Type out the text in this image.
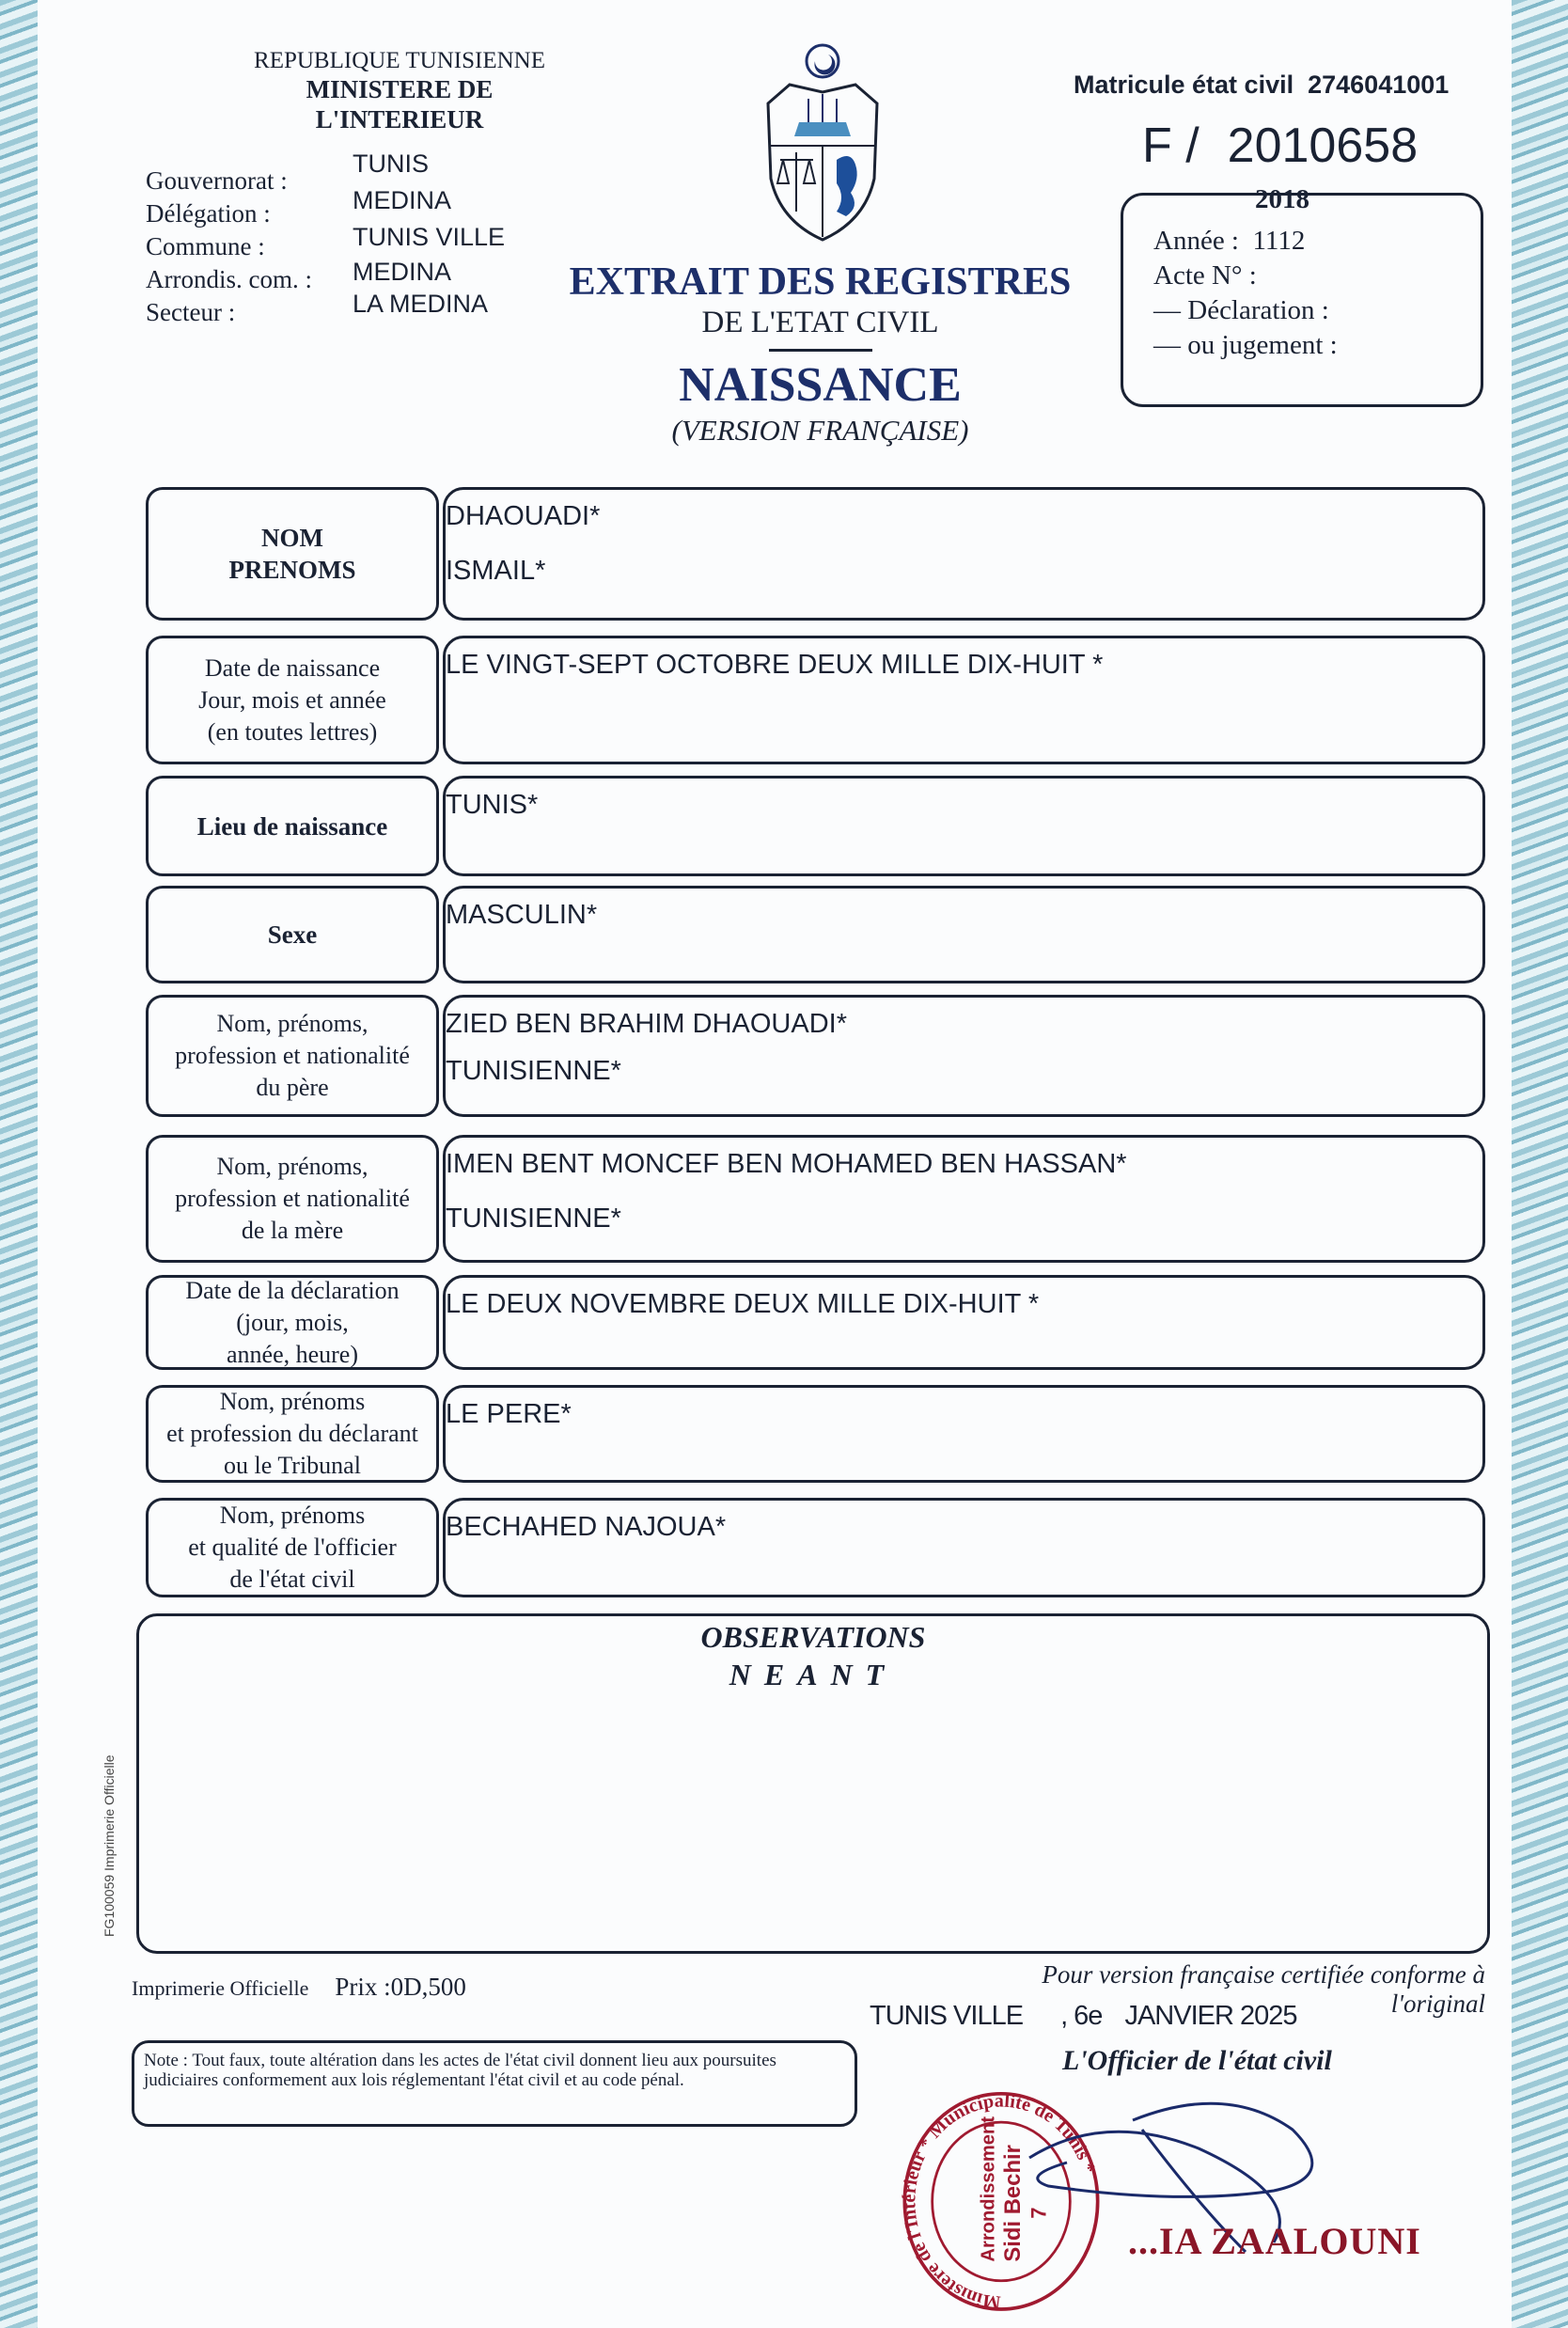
REPUBLIQUE TUNISIENNE
MINISTERE DE L'INTERIEUR
Gouvernorat :
Délégation :
Commune :
Arrondis. com. :
Secteur :
TUNIS
MEDINA
TUNIS VILLE
MEDINA
LA MEDINA	EXTRAIT DES REGISTRES
DE L'ETAT CIVIL
NAISSANCE
(VERSION FRANÇAISE)
Matricule état civil 2746041001
F / 2010658
2018
Année : 1112
Acte N° :
— Déclaration :
— ou jugement :
NOM
PRENOMS
DHAOUADI*
ISMAIL*
Date de naissance
Jour, mois et année
(en toutes lettres)
LE VINGT-SEPT OCTOBRE DEUX MILLE DIX-HUIT *
Lieu de naissance
TUNIS*
Sexe
MASCULIN*
Nom, prénoms,
profession et nationalité
du père
ZIED BEN BRAHIM DHAOUADI*
TUNISIENNE*
Nom, prénoms,
profession et nationalité
de la mère
IMEN BENT MONCEF BEN MOHAMED BEN HASSAN*
TUNISIENNE*
Date de la déclaration
(jour, mois,
année, heure)
LE DEUX NOVEMBRE DEUX MILLE DIX-HUIT *
Nom, prénoms
et profession du déclarant
ou le Tribunal
LE PERE*
Nom, prénoms
et qualité de l'officier
de l'état civil
BECHAHED NAJOUA*
OBSERVATIONS
NEANT
FG100059 Imprimerie Officielle
Imprimerie Officielle Prix :0D,500	Pour version française certifiée conforme à l'original
TUNIS VILLE , 6e JANVIER 2025
Note : Tout faux, toute altération dans les actes de l'état civil donnent lieu aux poursuites judiciaires conformement aux lois réglementant l'état civil et au code pénal.
L'Officier de l'état civil
Ministère de l'Intérieur * Municipalité de Tunis *
Arrondissement Sidi Bechir 7
...IA ZAALOUNI
